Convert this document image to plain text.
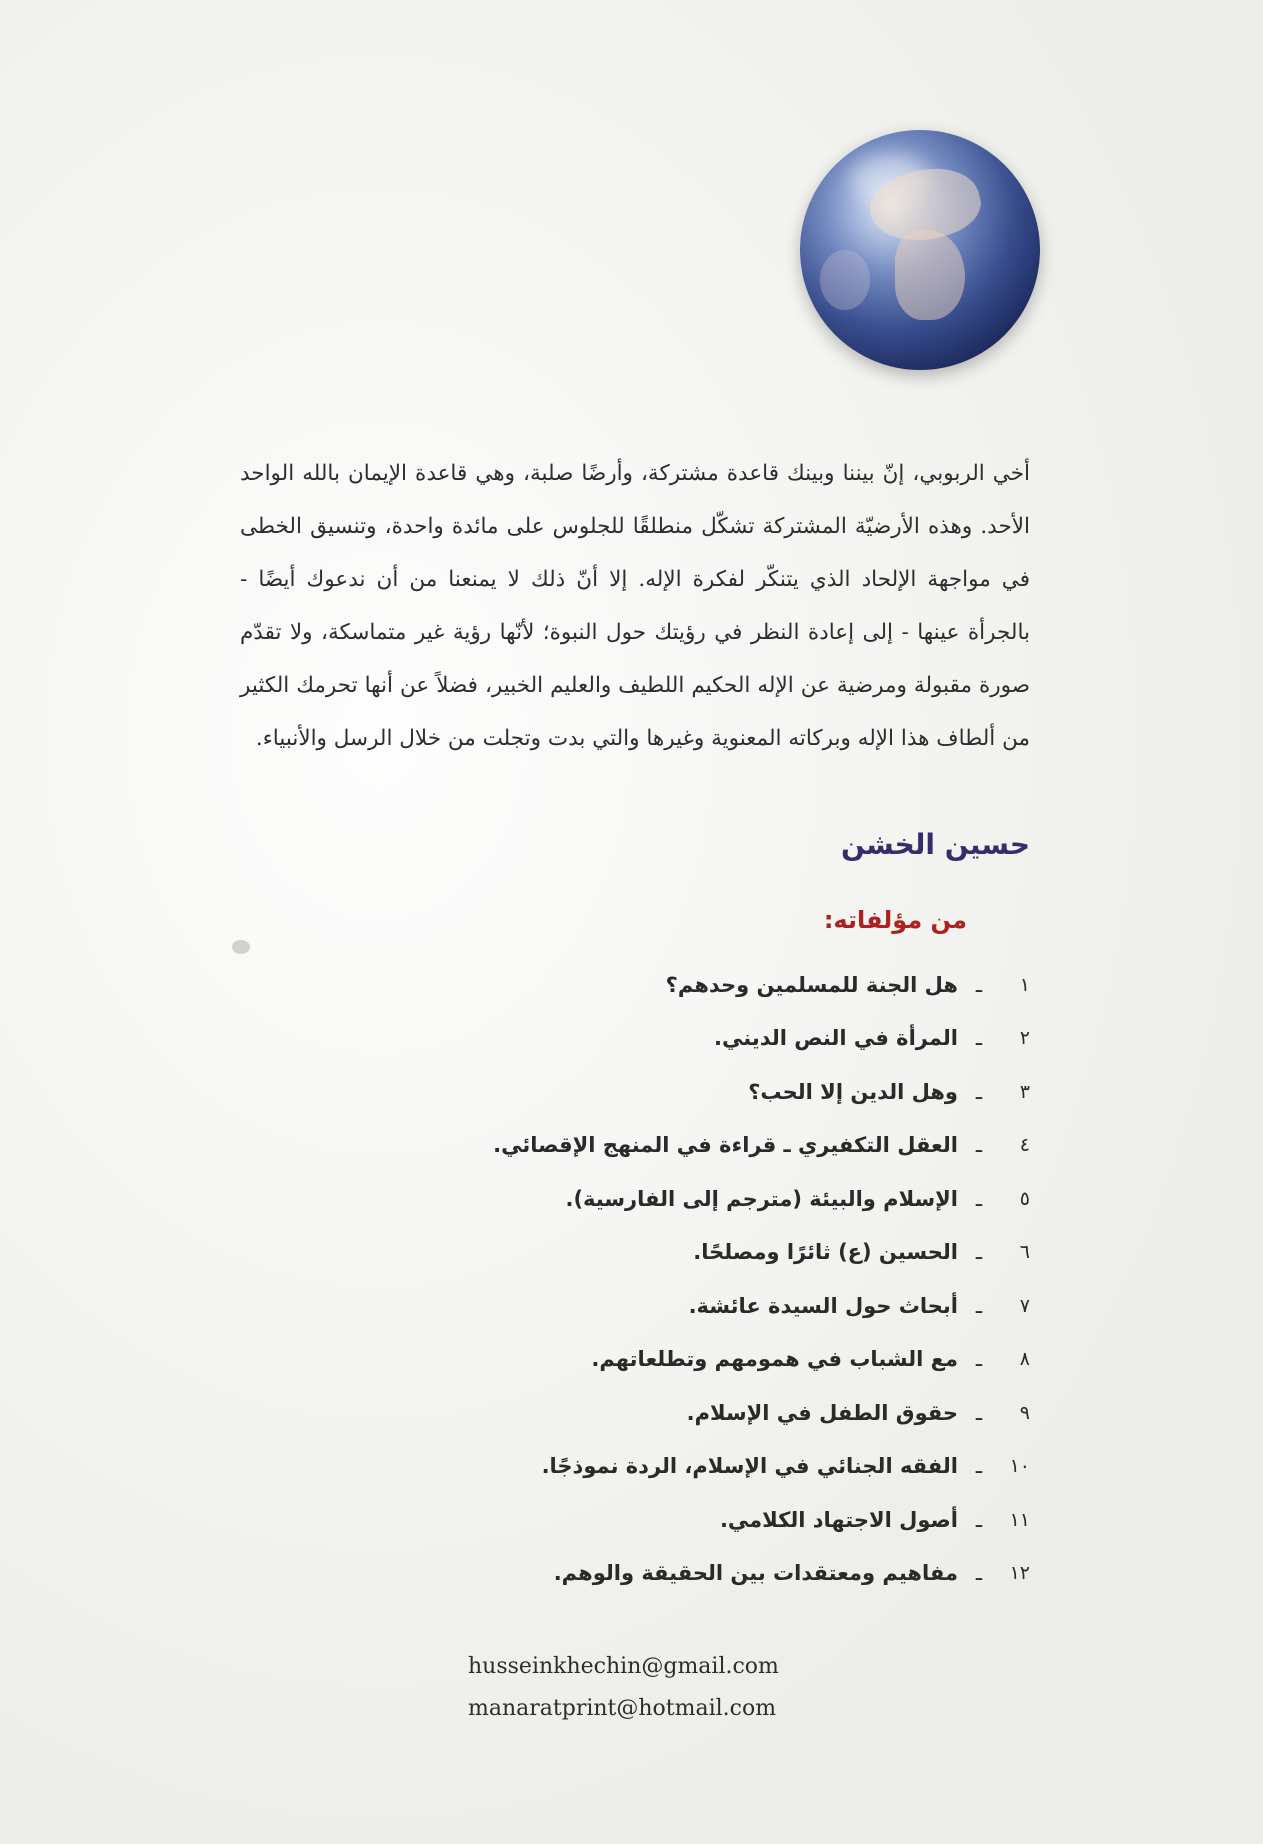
أخي الربوبي، إنّ بيننا وبينك قاعدة مشتركة، وأرضًا صلبة، وهي قاعدة الإيمان بالله الواحد الأحد. وهذه الأرضيّة المشتركة تشكّل منطلقًا للجلوس على مائدة واحدة، وتنسيق الخطى في مواجهة الإلحاد الذي يتنكّر لفكرة الإله. إلا أنّ ذلك لا يمنعنا من أن ندعوك أيضًا - بالجرأة عينها - إلى إعادة النظر في رؤيتك حول النبوة؛ لأنّها رؤية غير متماسكة، ولا تقدّم صورة مقبولة ومرضية عن الإله الحكيم اللطيف والعليم الخبير، فضلاً عن أنها تحرمك الكثير من ألطاف هذا الإله وبركاته المعنوية وغيرها والتي بدت وتجلت من خلال الرسل والأنبياء.

حسين الخشن
من مؤلفاته:
١
ـ
هل الجنة للمسلمين وحدهم؟
٢
ـ
المرأة في النص الديني.
٣
ـ
وهل الدين إلا الحب؟
٤
ـ
العقل التكفيري ـ قراءة في المنهج الإقصائي.
٥
ـ
الإسلام والبيئة (مترجم إلى الفارسية).
٦
ـ
الحسين (ع) ثائرًا ومصلحًا.
٧
ـ
أبحاث حول السيدة عائشة.
٨
ـ
مع الشباب في همومهم وتطلعاتهم.
٩
ـ
حقوق الطفل في الإسلام.
١٠
ـ
الفقه الجنائي في الإسلام، الردة نموذجًا.
١١
ـ
أصول الاجتهاد الكلامي.
١٢
ـ
مفاهيم ومعتقدات بين الحقيقة والوهم.
husseinkhechin@gmail.com
manaratprint@hotmail.com
